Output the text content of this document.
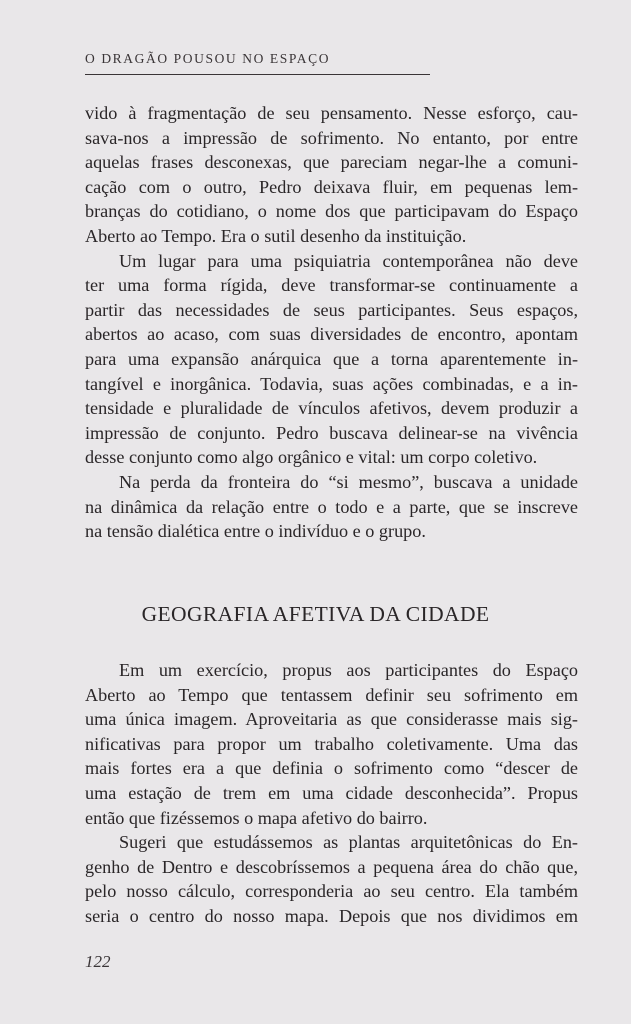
O DRAGÃO POUSOU NO ESPAÇO
vido à fragmentação de seu pensamento. Nesse esforço, cau-
sava-nos a impressão de sofrimento. No entanto, por entre
aquelas frases desconexas, que pareciam negar-lhe a comuni-
cação com o outro, Pedro deixava fluir, em pequenas lem-
branças do cotidiano, o nome dos que participavam do Espaço
Aberto ao Tempo. Era o sutil desenho da instituição.
Um lugar para uma psiquiatria contemporânea não deve
ter uma forma rígida, deve transformar-se continuamente a
partir das necessidades de seus participantes. Seus espaços,
abertos ao acaso, com suas diversidades de encontro, apontam
para uma expansão anárquica que a torna aparentemente in-
tangível e inorgânica. Todavia, suas ações combinadas, e a in-
tensidade e pluralidade de vínculos afetivos, devem produzir a
impressão de conjunto. Pedro buscava delinear-se na vivência
desse conjunto como algo orgânico e vital: um corpo coletivo.
Na perda da fronteira do “si mesmo”, buscava a unidade
na dinâmica da relação entre o todo e a parte, que se inscreve
na tensão dialética entre o indivíduo e o grupo.
GEOGRAFIA AFETIVA DA CIDADE
Em um exercício, propus aos participantes do Espaço
Aberto ao Tempo que tentassem definir seu sofrimento em
uma única imagem. Aproveitaria as que considerasse mais sig-
nificativas para propor um trabalho coletivamente. Uma das
mais fortes era a que definia o sofrimento como “descer de
uma estação de trem em uma cidade desconhecida”. Propus
então que fizéssemos o mapa afetivo do bairro.
Sugeri que estudássemos as plantas arquitetônicas do En-
genho de Dentro e descobríssemos a pequena área do chão que,
pelo nosso cálculo, corresponderia ao seu centro. Ela também
seria o centro do nosso mapa. Depois que nos dividimos em
122
